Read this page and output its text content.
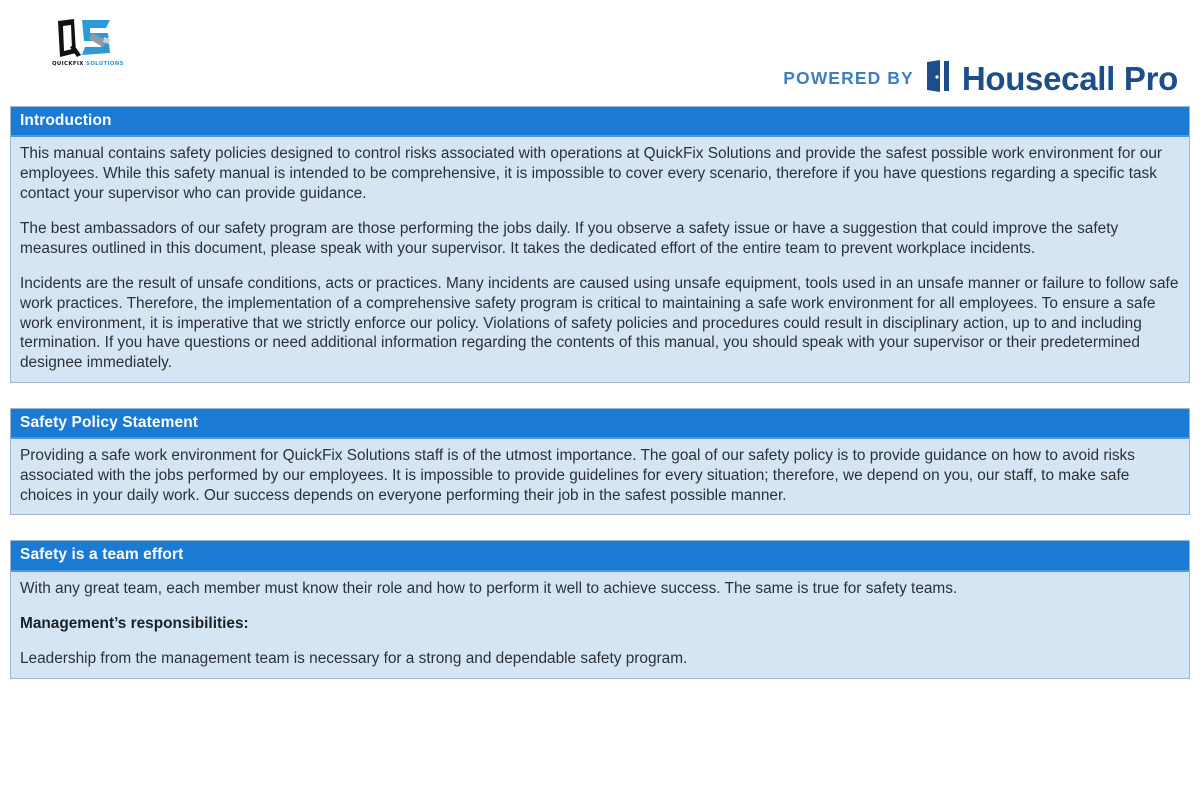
QUICKFIX SOLUTIONS
POWERED BY Housecall Pro
Introduction

This manual contains safety policies designed to control risks associated with operations at QuickFix Solutions and provide the safest possible work environment for our employees. While this safety manual is intended to be comprehensive, it is impossible to cover every scenario, therefore if you have questions regarding a specific task contact your supervisor who can provide guidance.

The best ambassadors of our safety program are those performing the jobs daily. If you observe a safety issue or have a suggestion that could improve the safety measures outlined in this document, please speak with your supervisor. It takes the dedicated effort of the entire team to prevent workplace incidents.

Incidents are the result of unsafe conditions, acts or practices. Many incidents are caused using unsafe equipment, tools used in an unsafe manner or failure to follow safe work practices. Therefore, the implementation of a comprehensive safety program is critical to maintaining a safe work environment for all employees. To ensure a safe work environment, it is imperative that we strictly enforce our policy. Violations of safety policies and procedures could result in disciplinary action, up to and including termination. If you have questions or need additional information regarding the contents of this manual, you should speak with your supervisor or their predetermined designee immediately.

Safety Policy Statement

Providing a safe work environment for QuickFix Solutions staff is of the utmost importance. The goal of our safety policy is to provide guidance on how to avoid risks associated with the jobs performed by our employees. It is impossible to provide guidelines for every situation; therefore, we depend on you, our staff, to make safe choices in your daily work. Our success depends on everyone performing their job in the safest possible manner.

Safety is a team effort

With any great team, each member must know their role and how to perform it well to achieve success. The same is true for safety teams.

Management’s responsibilities:

Leadership from the management team is necessary for a strong and dependable safety program.
